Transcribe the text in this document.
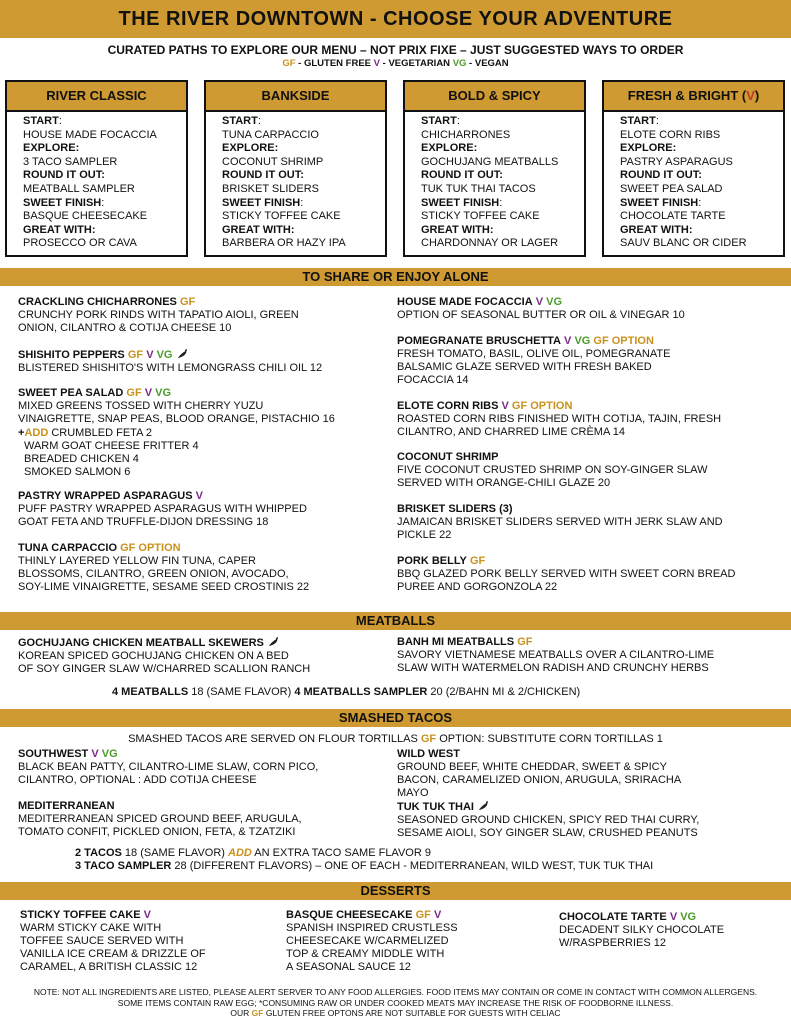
THE RIVER DOWNTOWN - CHOOSE YOUR ADVENTURE
CURATED PATHS TO EXPLORE OUR MENU – NOT PRIX FIXE – JUST SUGGESTED WAYS TO ORDER
GF - GLUTEN FREE V - VEGETARIAN VG - VEGAN
RIVER CLASSIC
START:
HOUSE MADE FOCACCIA
EXPLORE:
3 TACO SAMPLER
ROUND IT OUT:
MEATBALL SAMPLER
SWEET FINISH:
BASQUE CHEESECAKE
GREAT WITH:
PROSECCO OR CAVA
BANKSIDE
START:
TUNA CARPACCIO
EXPLORE:
COCONUT SHRIMP
ROUND IT OUT:
BRISKET SLIDERS
SWEET FINISH:
STICKY TOFFEE CAKE
GREAT WITH:
BARBERA OR HAZY IPA
BOLD & SPICY
START:
CHICHARRONES
EXPLORE:
GOCHUJANG MEATBALLS
ROUND IT OUT:
TUK TUK THAI TACOS
SWEET FINISH:
STICKY TOFFEE CAKE
GREAT WITH:
CHARDONNAY OR LAGER
FRESH & BRIGHT (V)
START:
ELOTE CORN RIBS
EXPLORE:
PASTRY ASPARAGUS
ROUND IT OUT:
SWEET PEA SALAD
SWEET FINISH:
CHOCOLATE TARTE
GREAT WITH:
SAUV BLANC OR CIDER
TO SHARE OR ENJOY ALONE
MEATBALLS
SMASHED TACOS
DESSERTS
CRACKLING CHICHARRONES GF
CRUNCHY PORK RINDS WITH TAPATIO AIOLI, GREEN
ONION, CILANTRO & COTIJA CHEESE 10
SHISHITO PEPPERS GF V VG
BLISTERED SHISHITO'S WITH LEMONGRASS CHILI OIL 12
SWEET PEA SALAD GF V VG
MIXED GREENS TOSSED WITH CHERRY YUZU
VINAIGRETTE, SNAP PEAS, BLOOD ORANGE, PISTACHIO 16
PASTRY WRAPPED ASPARAGUS V
PUFF PASTRY WRAPPED ASPARAGUS WITH WHIPPED
GOAT FETA AND TRUFFLE-DIJON DRESSING 18
TUNA CARPACCIO GF OPTION
THINLY LAYERED YELLOW FIN TUNA, CAPER
BLOSSOMS, CILANTRO, GREEN ONION, AVOCADO,
SOY-LIME VINAIGRETTE, SESAME SEED CROSTINIS 22
HOUSE MADE FOCACCIA V VG
OPTION OF SEASONAL BUTTER OR OIL & VINEGAR 10
POMEGRANATE BRUSCHETTA V VG GF OPTION
FRESH TOMATO, BASIL, OLIVE OIL, POMEGRANATE
BALSAMIC GLAZE SERVED WITH FRESH BAKED
FOCACCIA 14
ELOTE CORN RIBS V GF OPTION
ROASTED CORN RIBS FINISHED WITH COTIJA, TAJIN, FRESH
CILANTRO, AND CHARRED LIME CRÈMA 14
COCONUT SHRIMP
FIVE COCONUT CRUSTED SHRIMP ON SOY-GINGER SLAW
SERVED WITH ORANGE-CHILI GLAZE 20
BRISKET SLIDERS (3)
JAMAICAN BRISKET SLIDERS SERVED WITH JERK SLAW AND
PICKLE 22
PORK BELLY GF
BBQ GLAZED PORK BELLY SERVED WITH SWEET CORN BREAD
PUREE AND GORGONZOLA 22
+ADD CRUMBLED FETA 2
WARM GOAT CHEESE FRITTER 4
BREADED CHICKEN 4
SMOKED SALMON 6
GOCHUJANG CHICKEN MEATBALL SKEWERS
KOREAN SPICED GOCHUJANG CHICKEN ON A BED
OF SOY GINGER SLAW W/CHARRED SCALLION RANCH
BANH MI MEATBALLS GF
SAVORY VIETNAMESE MEATBALLS OVER A CILANTRO-LIME
SLAW WITH WATERMELON RADISH AND CRUNCHY HERBS
4 MEATBALLS 18 (SAME FLAVOR) 4 MEATBALLS SAMPLER 20 (2/BAHN MI & 2/CHICKEN)
SMASHED TACOS ARE SERVED ON FLOUR TORTILLAS GF OPTION: SUBSTITUTE CORN TORTILLAS 1
SOUTHWEST V VG
BLACK BEAN PATTY, CILANTRO-LIME SLAW, CORN PICO,
CILANTRO, OPTIONAL : ADD COTIJA CHEESE
MEDITERRANEAN
MEDITERRANEAN SPICED GROUND BEEF, ARUGULA,
TOMATO CONFIT, PICKLED ONION, FETA, & TZATZIKI
WILD WEST
GROUND BEEF, WHITE CHEDDAR, SWEET & SPICY
BACON, CARAMELIZED ONION, ARUGULA, SRIRACHA
MAYO
TUK TUK THAI
SEASONED GROUND CHICKEN, SPICY RED THAI CURRY,
SESAME AIOLI, SOY GINGER SLAW, CRUSHED PEANUTS
2 TACOS 18 (SAME FLAVOR) ADD AN EXTRA TACO SAME FLAVOR 9
3 TACO SAMPLER 28 (DIFFERENT FLAVORS) – ONE OF EACH - MEDITERRANEAN, WILD WEST, TUK TUK THAI
STICKY TOFFEE CAKE V
WARM STICKY CAKE WITH
TOFFEE SAUCE SERVED WITH
VANILLA ICE CREAM & DRIZZLE OF
CARAMEL, A BRITISH CLASSIC 12
BASQUE CHEESECAKE GF V
SPANISH INSPIRED CRUSTLESS
CHEESECAKE W/CARMELIZED
TOP & CREAMY MIDDLE WITH
A SEASONAL SAUCE 12
CHOCOLATE TARTE V VG
DECADENT SILKY CHOCOLATE
W/RASPBERRIES 12
NOTE: NOT ALL INGREDIENTS ARE LISTED, PLEASE ALERT SERVER TO ANY FOOD ALLERGIES. FOOD ITEMS MAY CONTAIN OR COME IN CONTACT WITH COMMON ALLERGENS.
SOME ITEMS CONTAIN RAW EGG; *CONSUMING RAW OR UNDER COOKED MEATS MAY INCREASE THE RISK OF FOODBORNE ILLNESS.
OUR GF GLUTEN FREE OPTONS ARE NOT SUITABLE FOR GUESTS WITH CELIAC
